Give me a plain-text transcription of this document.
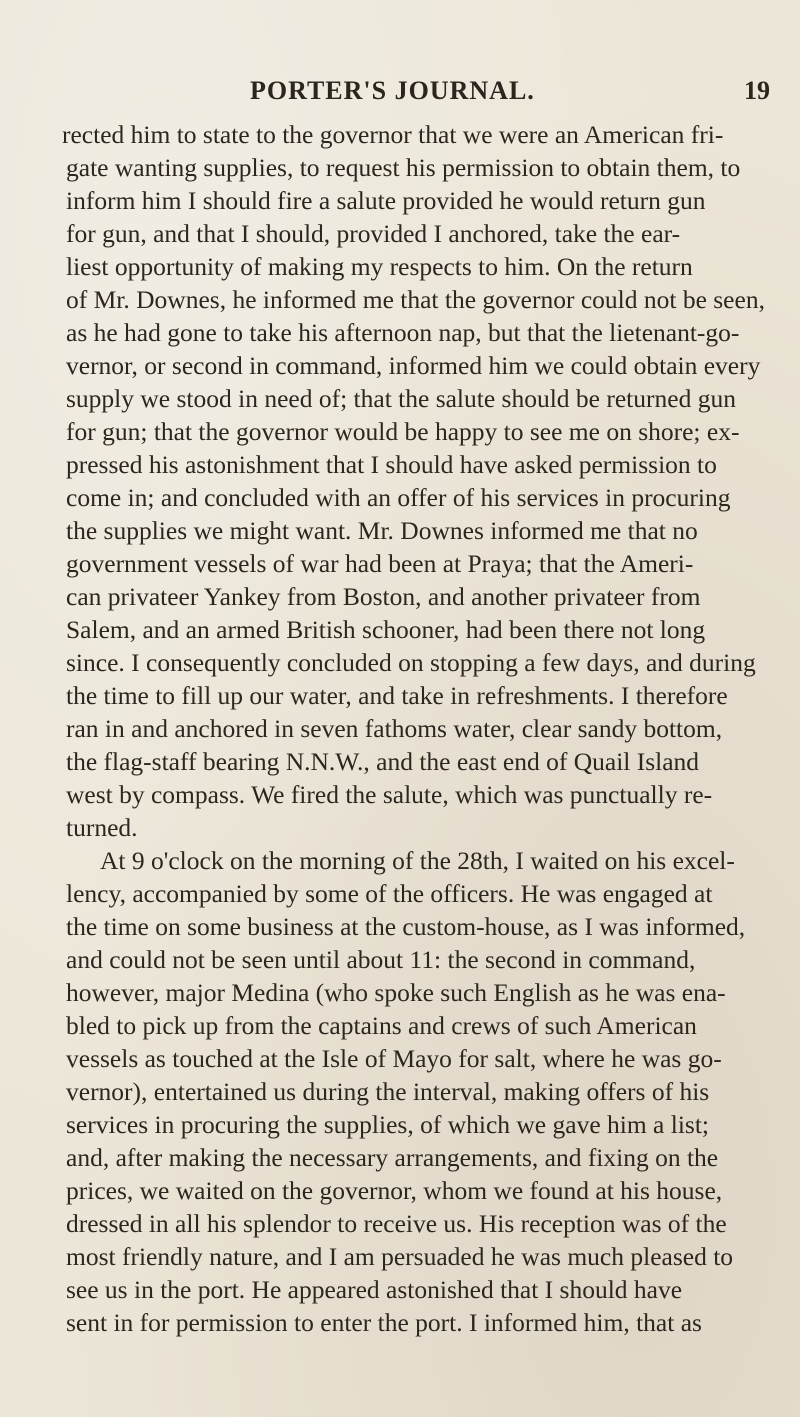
PORTER'S JOURNAL.	19
rected him to state to the governor that we were an American fri-
gate wanting supplies, to request his permission to obtain them, to
inform him I should fire a salute provided he would return gun
for gun, and that I should, provided I anchored, take the ear-
liest opportunity of making my respects to him. On the return
of Mr. Downes, he informed me that the governor could not be seen,
as he had gone to take his afternoon nap, but that the lietenant-go-
vernor, or second in command, informed him we could obtain every
supply we stood in need of; that the salute should be returned gun
for gun; that the governor would be happy to see me on shore; ex-
pressed his astonishment that I should have asked permission to
come in; and concluded with an offer of his services in procuring
the supplies we might want. Mr. Downes informed me that no
government vessels of war had been at Praya; that the Ameri-
can privateer Yankey from Boston, and another privateer from
Salem, and an armed British schooner, had been there not long
since. I consequently concluded on stopping a few days, and during
the time to fill up our water, and take in refreshments. I therefore
ran in and anchored in seven fathoms water, clear sandy bottom,
the flag-staff bearing N.N.W., and the east end of Quail Island
west by compass. We fired the salute, which was punctually re-
turned.
At 9 o'clock on the morning of the 28th, I waited on his excel-
lency, accompanied by some of the officers. He was engaged at
the time on some business at the custom-house, as I was informed,
and could not be seen until about 11: the second in command,
however, major Medina (who spoke such English as he was ena-
bled to pick up from the captains and crews of such American
vessels as touched at the Isle of Mayo for salt, where he was go-
vernor), entertained us during the interval, making offers of his
services in procuring the supplies, of which we gave him a list;
and, after making the necessary arrangements, and fixing on the
prices, we waited on the governor, whom we found at his house,
dressed in all his splendor to receive us. His reception was of the
most friendly nature, and I am persuaded he was much pleased to
see us in the port. He appeared astonished that I should have
sent in for permission to enter the port. I informed him, that as
